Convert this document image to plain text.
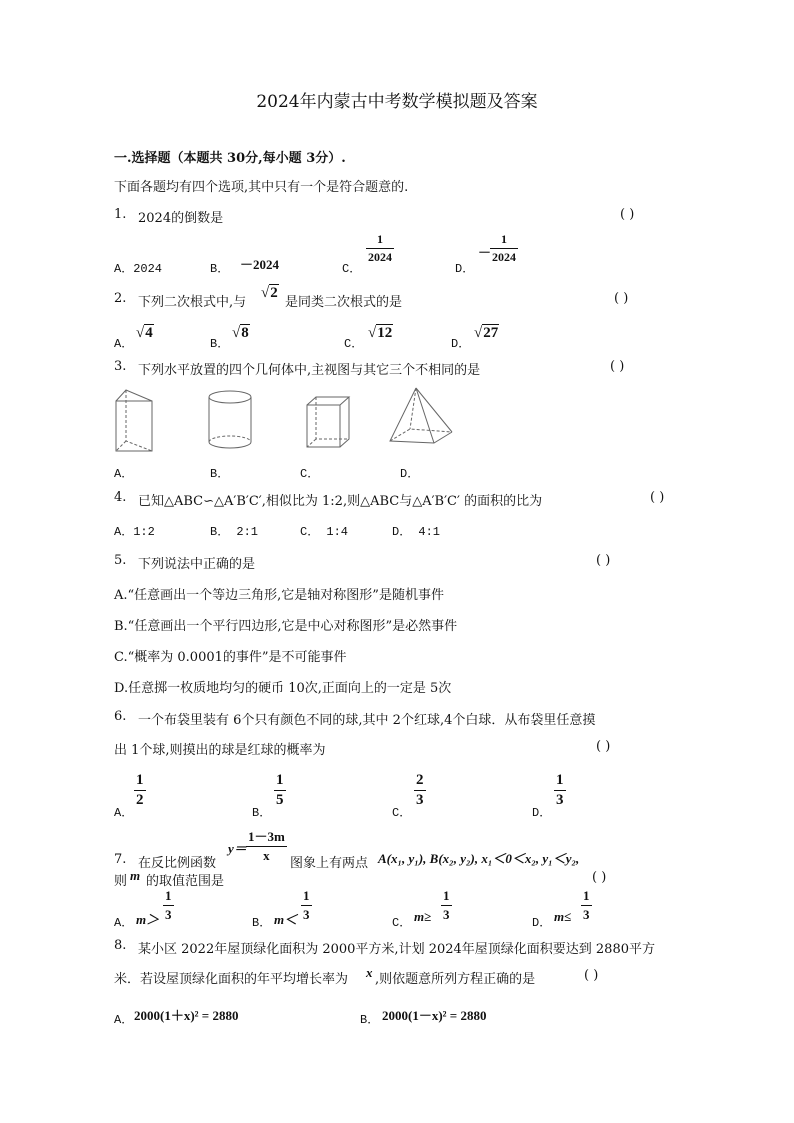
2024年内蒙古中考数学模拟题及答案
一.选择题（本题共 30分,每小题 3分）.
下面各题均有四个选项,其中只有一个是符合题意的.
1. 2024的倒数是	( )
A．2024	B． －2024	C．
1
2024
D．
－
1
2024
2. 下列二次根式中,与
√2
是同类二次根式的是	( )
A．
√4
B．
√8
C．
√12
D．
√27
3. 下列水平放置的四个几何体中,主视图与其它三个不相同的是	( )
A．	B．	C．	D．
4. 已知△ABC∽△A′B′C′,相似比为 1:2,则△ABC与△A′B′C′ 的面积的比为	( )
A．1:2	B． 2:1	C． 1:4	D． 4:1
5. 下列说法中正确的是	( )
A.“任意画出一个等边三角形,它是轴对称图形”是随机事件
B.“任意画出一个平行四边形,它是中心对称图形”是必然事件
C.“概率为 0.0001的事件”是不可能事件
D.任意掷一枚质地均匀的硬币 10次,正面向上的一定是 5次
6. 一个布袋里装有 6个只有颜色不同的球,其中 2个红球,4个白球．从布袋里任意摸
出 1个球,则摸出的球是红球的概率为	( )
A．
1
2
B．
1
5
C．
2
3
D．
1
3
7. 在反比例函数
y＝
1－3m
x
图象上有两点 A(x₁, y₁), B(x₂, y₂), x₁＜0＜x₂, y₁＜y₂,
则 m 的取值范围是	( )
A． m＞
1
3
B． m＜
1
3
C． m≥
1
3
D． m≤
1
3
8. 某小区 2022年屋顶绿化面积为 2000平方米,计划 2024年屋顶绿化面积要达到 2880平方
米．若设屋顶绿化面积的年平均增长率为 x ,则依题意所列方程正确的是	( )
A． 2000(1＋x)² = 2880	B． 2000(1－x)² = 2880
